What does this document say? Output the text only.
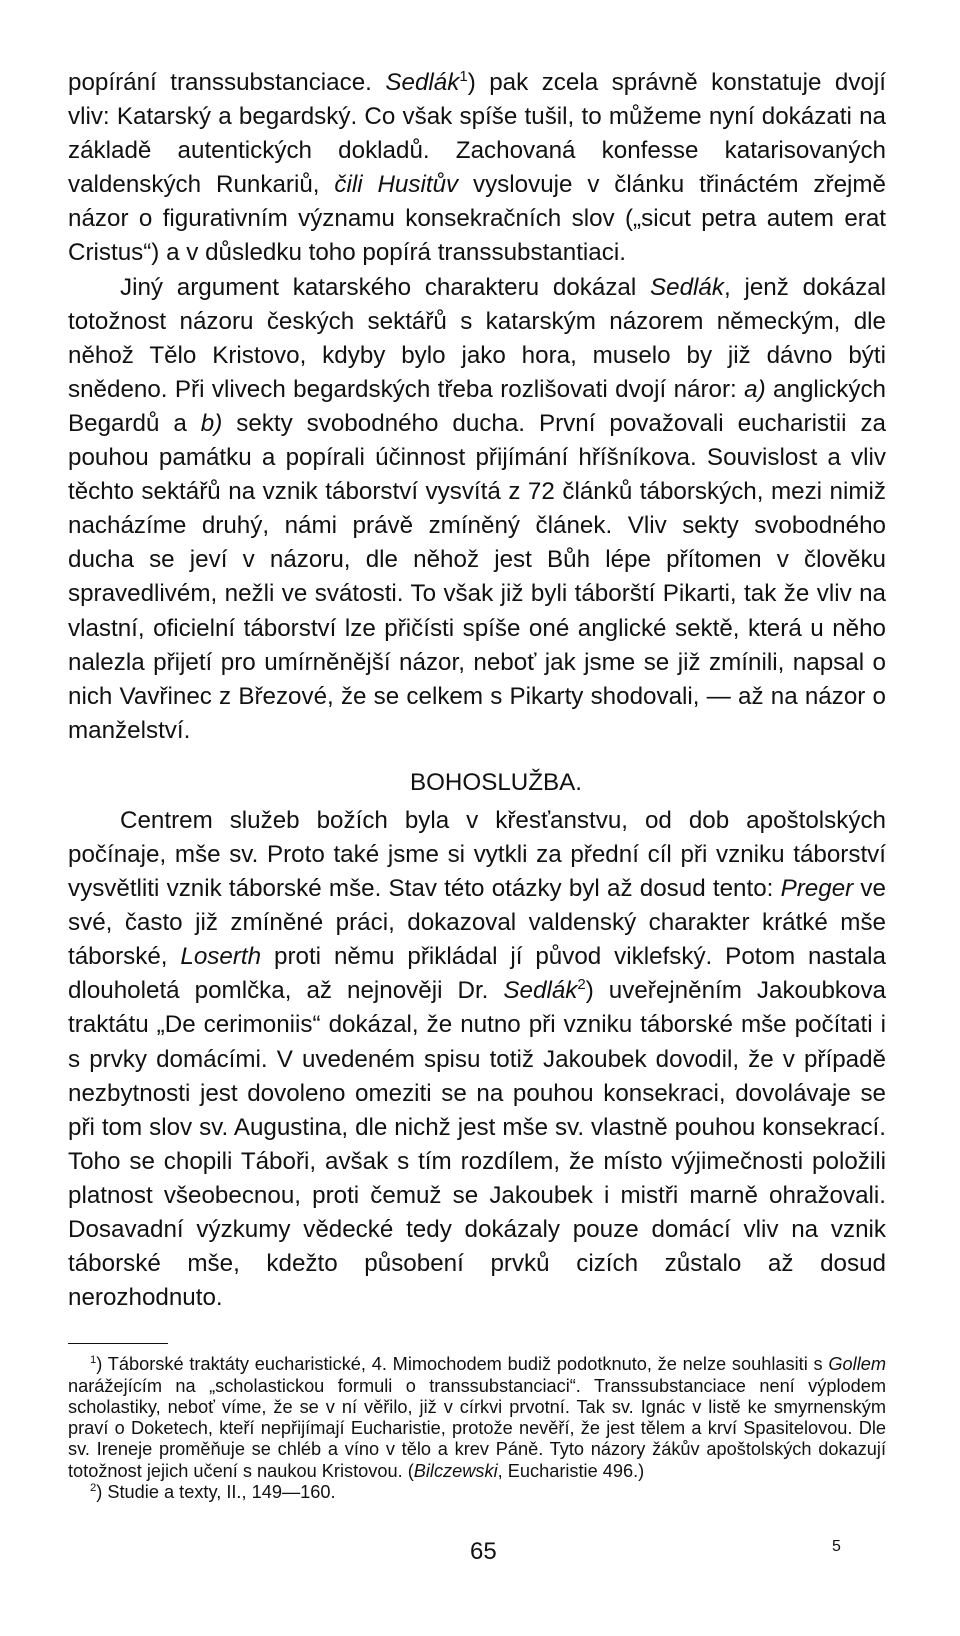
popírání transsubstanciace. Sedlák$^1$) pak zcela správně konstatuje dvojí vliv: Katarský a begardský. Co však spíše tušil, to můžeme nyní dokázati na základě autentických dokladů. Zachovaná konfesse katarisovaných valdenských Runkariů, čili Husitův vyslovuje v článku třináctém zřejmě názor o figurativním významu konsekračních slov („sicut petra autem erat Cristus“) a v důsledku toho popírá transsubstantiaci.

Jiný argument katarského charakteru dokázal Sedlák, jenž dokázal totožnost názoru českých sektářů s katarským názorem německým, dle něhož Tělo Kristovo, kdyby bylo jako hora, muselo by již dávno býti snědeno. Při vlivech begardských třeba rozlišovati dvojí náror: a) anglických Begardů a b) sekty svobodného ducha. První považovali eucharistii za pouhou památku a popírali účinnost přijímání hříšníkova. Souvislost a vliv těchto sektářů na vznik táborství vysvítá z 72 článků táborských, mezi nimiž nacházíme druhý, námi právě zmíněný článek. Vliv sekty svobodného ducha se jeví v názoru, dle něhož jest Bůh lépe přítomen v člověku spravedlivém, nežli ve svátosti. To však již byli táborští Pikarti, tak že vliv na vlastní, oficielní táborství lze přičísti spíše oné anglické sektě, která u něho nalezla přijetí pro umírněnější názor, neboť jak jsme se již zmínili, napsal o nich Vavřinec z Březové, že se celkem s Pikarty shodovali, — až na názor o manželství.

BOHOSLUŽBA.

Centrem služeb božích byla v křesťanstvu, od dob apoštolských počínaje, mše sv. Proto také jsme si vytkli za přední cíl při vzniku táborství vysvětliti vznik táborské mše. Stav této otázky byl až dosud tento: Preger ve své, často již zmíněné práci, dokazoval valdenský charakter krátké mše táborské, Loserth proti němu přikládal jí původ viklefský. Potom nastala dlouholetá pomlčka, až nejnověji Dr. Sedlák$^2$) uveřejněním Jakoubkova traktátu „De cerimoniis“ dokázal, že nutno při vzniku táborské mše počítati i s prvky domácími. V uvedeném spisu totiž Jakoubek dovodil, že v případě nezbytnosti jest dovoleno omeziti se na pouhou konsekraci, dovolávaje se při tom slov sv. Augustina, dle nichž jest mše sv. vlastně pouhou konsekrací. Toho se chopili Táboři, avšak s tím rozdílem, že místo výjimečnosti položili platnost všeobecnou, proti čemuž se Jakoubek i mistři marně ohražovali. Dosavadní výzkumy vědecké tedy dokázaly pouze domácí vliv na vznik táborské mše, kdežto působení prvků cizích zůstalo až dosud nerozhodnuto.

$^1$) Táborské traktáty eucharistické, 4. Mimochodem budiž podotknuto, že nelze souhlasiti s Gollem narážejícím na „scholastickou formuli o transsubstanciaci“. Transsubstanciace není výplodem scholastiky, neboť víme, že se v ní věřilo, již v církvi prvotní. Tak sv. Ignác v listě ke smyrnenským praví o Doketech, kteří nepřijímají Eucharistie, protože nevěří, že jest tělem a krví Spasitelovou. Dle sv. Ireneje proměňuje se chléb a víno v tělo a krev Páně. Tyto názory žákův apoštolských dokazují totožnost jejich učení s naukou Kristovou. (Bilczewski, Eucharistie 496.)

$^2$) Studie a texty, II., 149—160.

65	5
